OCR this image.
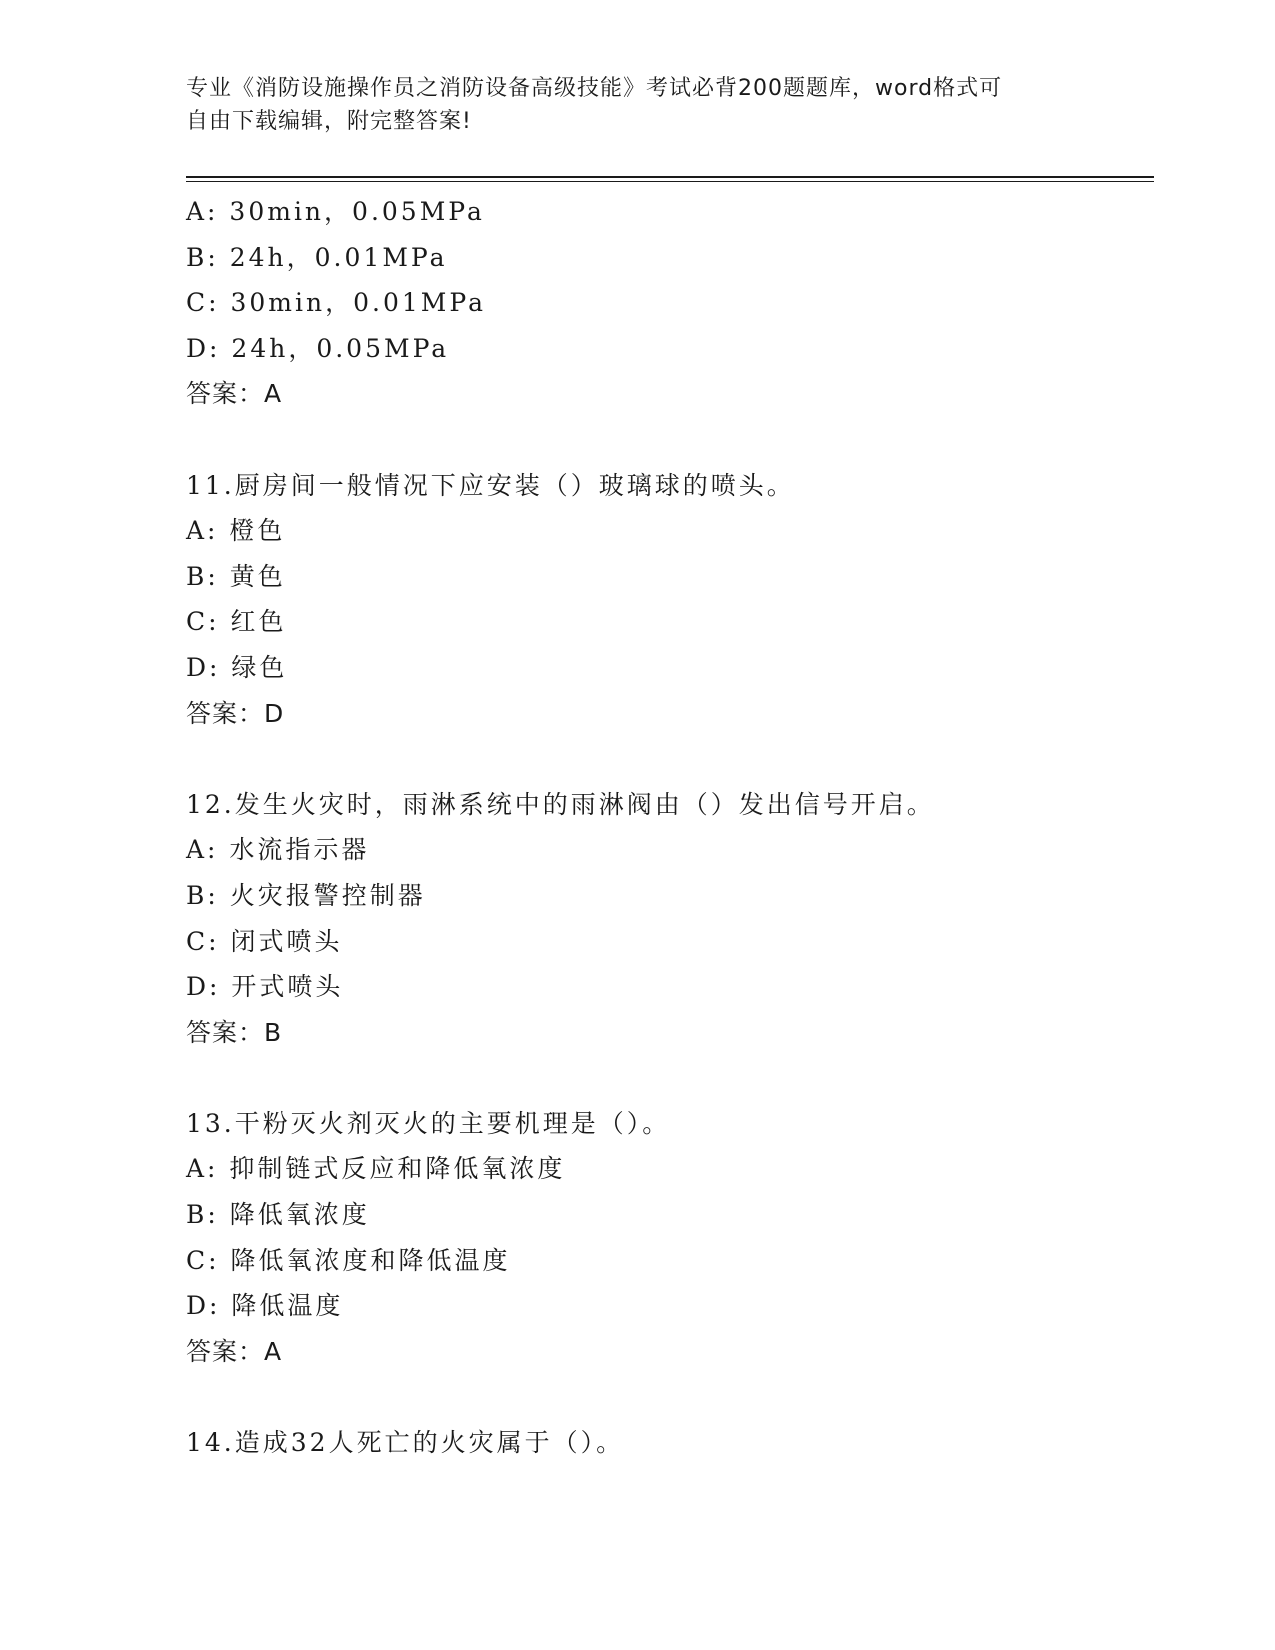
专业《消防设施操作员之消防设备高级技能》考试必背200题题库，word格式可
自由下载编辑，附完整答案!
A: 30min，0.05MPa
B: 24h，0.01MPa
C: 30min，0.01MPa
D: 24h，0.05MPa
答案：A
11.厨房间一般情况下应安装（）玻璃球的喷头。
A: 橙色
B: 黄色
C: 红色
D: 绿色
答案：D
12.发生火灾时，雨淋系统中的雨淋阀由（）发出信号开启。
A: 水流指示器
B: 火灾报警控制器
C: 闭式喷头
D: 开式喷头
答案：B
13.干粉灭火剂灭火的主要机理是（）。
A: 抑制链式反应和降低氧浓度
B: 降低氧浓度
C: 降低氧浓度和降低温度
D: 降低温度
答案：A
14.造成32人死亡的火灾属于（）。
